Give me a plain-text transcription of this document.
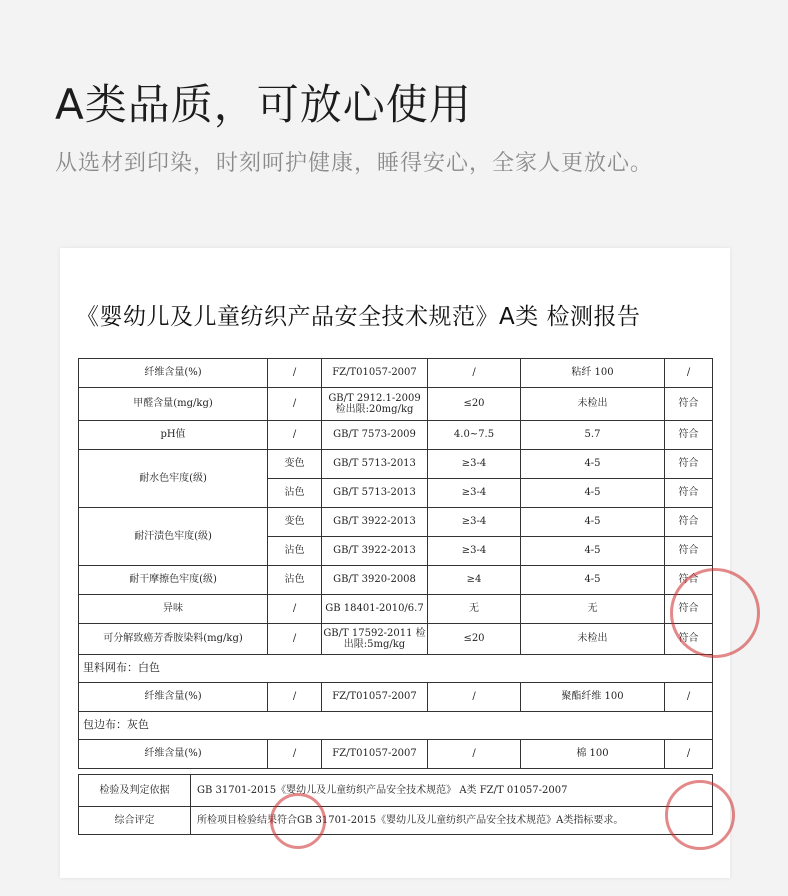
A类品质，可放心使用
从选材到印染，时刻呵护健康，睡得安心，全家人更放心。
《婴幼儿及儿童纺织产品安全技术规范》A类 检测报告
纤维含量(%)	/	FZ/T01057-2007	/	粘纤 100	/
甲醛含量(mg/kg)	/	GB/T 2912.1-2009 检出限:20mg/kg	≤20	未检出	符合
pH值	/	GB/T 7573-2009	4.0~7.5	5.7	符合
耐水色牢度(级)	变色	GB/T 5713-2013	≥3-4	4-5	符合
	沾色	GB/T 5713-2013	≥3-4	4-5	符合
耐汗渍色牢度(级)	变色	GB/T 3922-2013	≥3-4	4-5	符合
	沾色	GB/T 3922-2013	≥3-4	4-5	符合
耐干摩擦色牢度(级)	沾色	GB/T 3920-2008	≥4	4-5	符合
异味	/	GB 18401-2010/6.7	无	无	符合
可分解致癌芳香胺染料(mg/kg)	/	GB/T 17592-2011 检出限:5mg/kg	≤20	未检出	符合
里料网布：白色					
纤维含量(%)	/	FZ/T01057-2007	/	聚酯纤维 100	/
包边布：灰色					
纤维含量(%)	/	FZ/T01057-2007	/	棉 100	/
检验及判定依据	GB 31701-2015《婴幼儿及儿童纺织产品安全技术规范》 A类 FZ/T 01057-2007
综合评定	所检项目检验结果符合GB 31701-2015《婴幼儿及儿童纺织产品安全技术规范》A类指标要求。
